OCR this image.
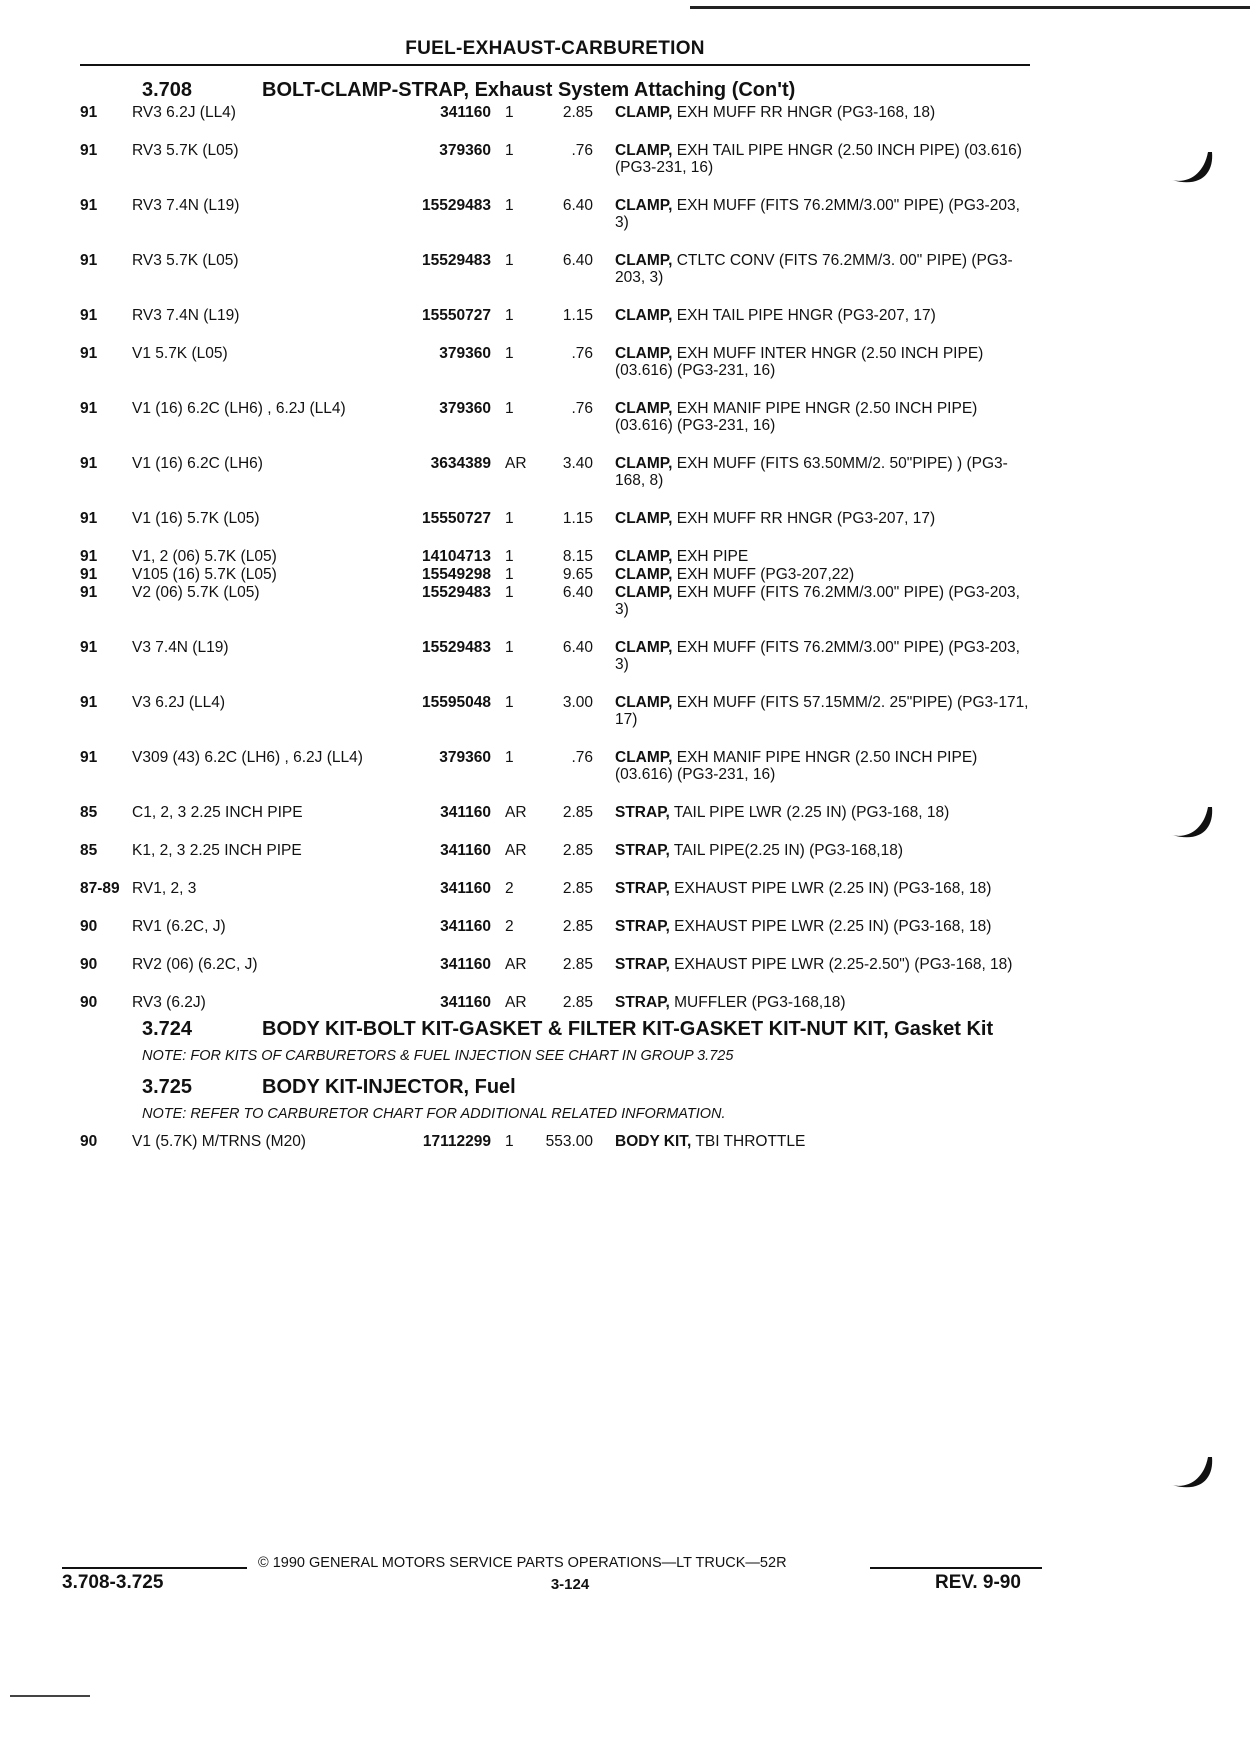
FUEL-EXHAUST-CARBURETION
3.708	BOLT-CLAMP-STRAP, Exhaust System Attaching (Con't)
91	RV3 6.2J (LL4)	341160 1	2.85 CLAMP, EXH MUFF RR HNGR (PG3-168, 18)
91	RV3 5.7K (L05)	379360 1	.76 CLAMP, EXH TAIL PIPE HNGR (2.50 INCH PIPE) (03.616) (PG3-231, 16)
91	RV3 7.4N (L19)	15529483 1	6.40 CLAMP, EXH MUFF (FITS 76.2MM/3.00" PIPE) (PG3-203, 3)
91	RV3 5.7K (L05)	15529483 1	6.40 CLAMP, CTLTC CONV (FITS 76.2MM/3. 00" PIPE) (PG3-203, 3)
91	RV3 7.4N (L19)	15550727 1	1.15 CLAMP, EXH TAIL PIPE HNGR (PG3-207, 17)
91	V1 5.7K (L05)	379360 1	.76 CLAMP, EXH MUFF INTER HNGR (2.50 INCH PIPE) (03.616) (PG3-231, 16)
91	V1 (16) 6.2C (LH6) , 6.2J (LL4)	379360 1	.76 CLAMP, EXH MANIF PIPE HNGR (2.50 INCH PIPE) (03.616) (PG3-231, 16)
91	V1 (16) 6.2C (LH6)	3634389 AR	3.40 CLAMP, EXH MUFF (FITS 63.50MM/2. 50"PIPE) ) (PG3-168, 8)
91	V1 (16) 5.7K (L05)	15550727 1	1.15 CLAMP, EXH MUFF RR HNGR (PG3-207, 17)
91	V1, 2 (06) 5.7K (L05)	14104713 1	8.15 CLAMP, EXH PIPE
91	V105 (16) 5.7K (L05)	15549298 1	9.65 CLAMP, EXH MUFF (PG3-207,22)
91	V2 (06) 5.7K (L05)	15529483 1	6.40 CLAMP, EXH MUFF (FITS 76.2MM/3.00" PIPE) (PG3-203, 3)
91	V3 7.4N (L19)	15529483 1	6.40 CLAMP, EXH MUFF (FITS 76.2MM/3.00" PIPE) (PG3-203, 3)
91	V3 6.2J (LL4)	15595048 1	3.00 CLAMP, EXH MUFF (FITS 57.15MM/2. 25"PIPE) (PG3-171, 17)
91	V309 (43) 6.2C (LH6) , 6.2J (LL4)	379360 1	.76 CLAMP, EXH MANIF PIPE HNGR (2.50 INCH PIPE) (03.616) (PG3-231, 16)
85	C1, 2, 3 2.25 INCH PIPE	341160 AR	2.85 STRAP, TAIL PIPE LWR (2.25 IN) (PG3-168, 18)
85	K1, 2, 3 2.25 INCH PIPE	341160 AR	2.85 STRAP, TAIL PIPE(2.25 IN) (PG3-168,18)
87-89 RV1, 2, 3	341160 2	2.85 STRAP, EXHAUST PIPE LWR (2.25 IN) (PG3-168, 18)
90	RV1 (6.2C, J)	341160 2	2.85 STRAP, EXHAUST PIPE LWR (2.25 IN) (PG3-168, 18)
90	RV2 (06) (6.2C, J)	341160 AR	2.85 STRAP, EXHAUST PIPE LWR (2.25-2.50") (PG3-168, 18)
90	RV3 (6.2J)	341160 AR	2.85 STRAP, MUFFLER (PG3-168,18)
3.724	BODY KIT-BOLT KIT-GASKET & FILTER KIT-GASKET KIT-NUT KIT, Gasket Kit
NOTE: FOR KITS OF CARBURETORS & FUEL INJECTION SEE CHART IN GROUP 3.725
3.725	BODY KIT-INJECTOR, Fuel
NOTE: REFER TO CARBURETOR CHART FOR ADDITIONAL RELATED INFORMATION.
90	V1 (5.7K) M/TRNS (M20)	17112299 1	553.00 BODY KIT, TBI THROTTLE
3.708-3.725
© 1990 GENERAL MOTORS SERVICE PARTS OPERATIONS—LT TRUCK—52R
3-124	REV. 9-90
